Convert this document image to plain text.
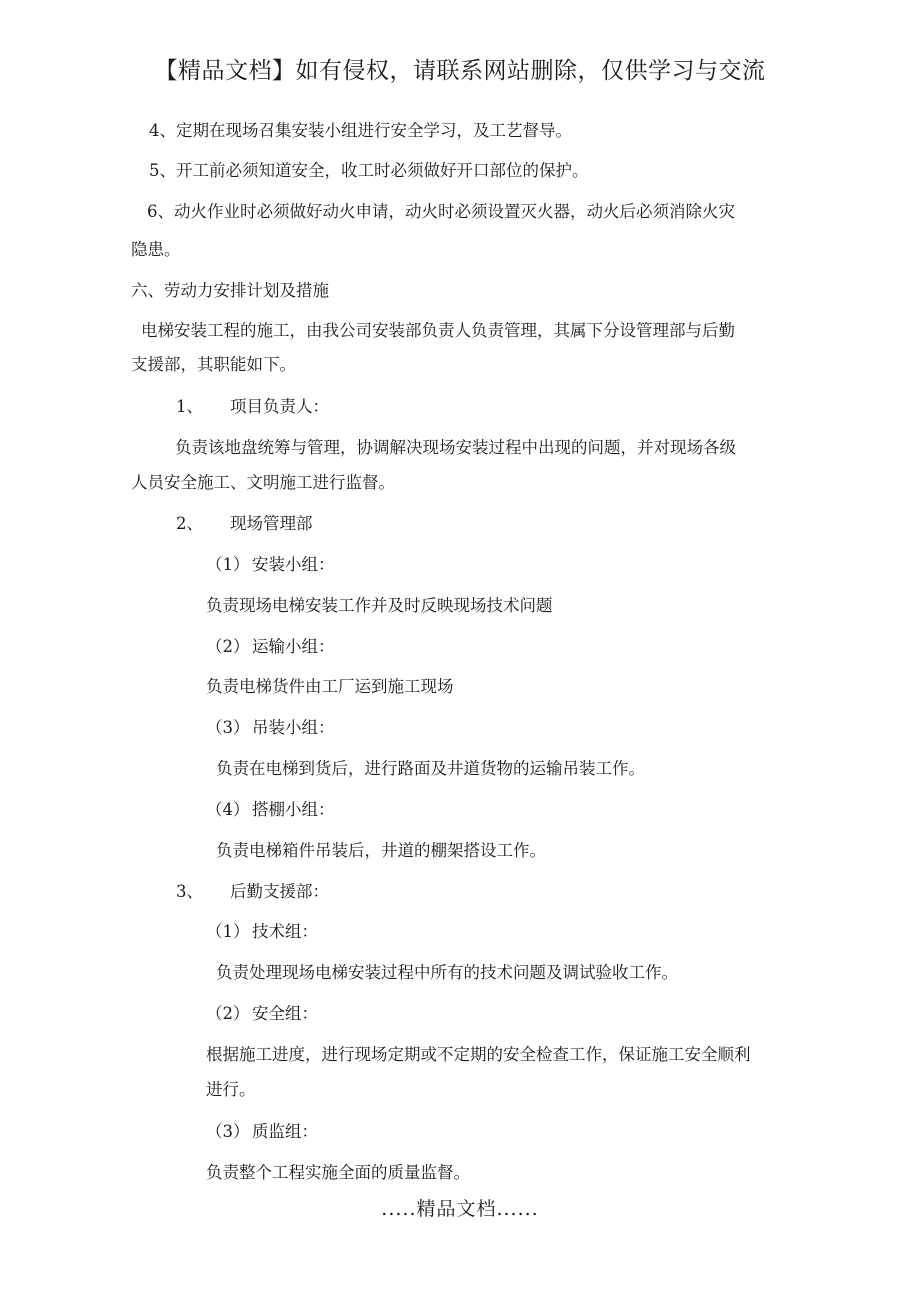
【精品文档】如有侵权，请联系网站删除，仅供学习与交流
4、定期在现场召集安装小组进行安全学习，及工艺督导。
5、开工前必须知道安全，收工时必须做好开口部位的保护。
6、动火作业时必须做好动火申请，动火时必须设置灭火器，动火后必须消除火灾
隐患。
六、劳动力安排计划及措施
电梯安装工程的施工，由我公司安装部负责人负责管理，其属下分设管理部与后勤
支援部，其职能如下。
1、 项目负责人：
负责该地盘统筹与管理，协调解决现场安装过程中出现的问题，并对现场各级
人员安全施工、文明施工进行监督。
2、 现场管理部
（1） 安装小组：
负责现场电梯安装工作并及时反映现场技术问题
（2） 运输小组：
负责电梯货件由工厂运到施工现场
（3） 吊装小组：
负责在电梯到货后，进行路面及井道货物的运输吊装工作。
（4） 搭棚小组：
负责电梯箱件吊装后，井道的棚架搭设工作。
3、 后勤支援部：
（1） 技术组：
负责处理现场电梯安装过程中所有的技术问题及调试验收工作。
（2） 安全组：
根据施工进度，进行现场定期或不定期的安全检查工作，保证施工安全顺利
进行。
（3） 质监组：
负责整个工程实施全面的质量监督。
.....精品文档......
